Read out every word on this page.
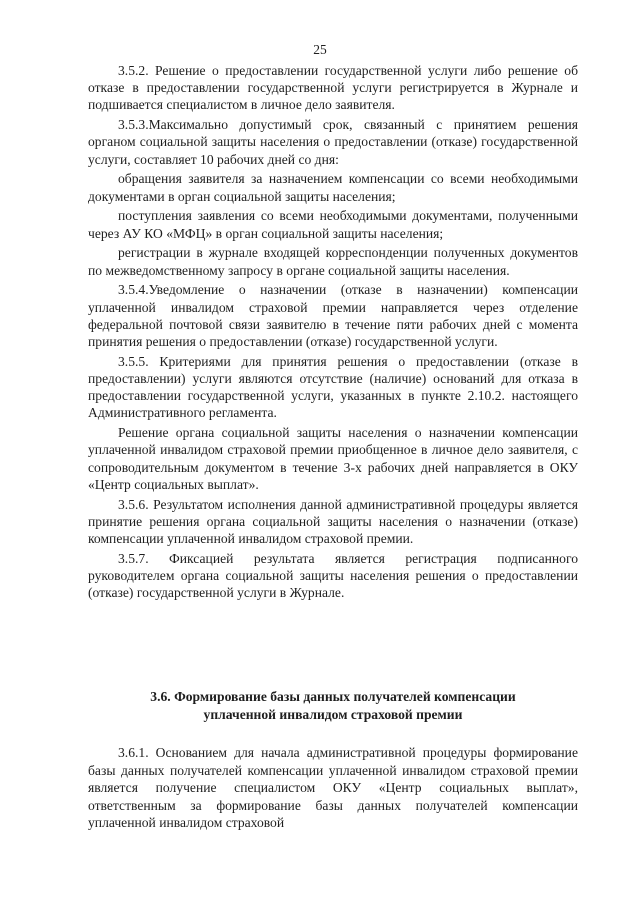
25

3.5.2. Решение о предоставлении государственной услуги либо решение об отказе в предоставлении государственной услуги регистрируется в Журнале и подшивается специалистом в личное дело заявителя.

3.5.3.Максимально допустимый срок, связанный с принятием решения органом социальной защиты населения о предоставлении (отказе) государственной услуги, составляет 10 рабочих дней со дня:

обращения заявителя за назначением компенсации со всеми необходимыми документами в орган социальной защиты населения;

поступления заявления со всеми необходимыми документами, полученными через АУ КО «МФЦ» в орган социальной защиты населения;

регистрации в журнале входящей корреспонденции полученных документов по межведомственному запросу в органе социальной защиты населения.

3.5.4.Уведомление о назначении (отказе в назначении) компенсации уплаченной инвалидом страховой премии направляется через отделение федеральной почтовой связи заявителю в течение пяти рабочих дней с момента принятия решения о предоставлении (отказе) государственной услуги.

3.5.5. Критериями для принятия решения о предоставлении (отказе в предоставлении) услуги являются отсутствие (наличие) оснований для отказа в предоставлении государственной услуги, указанных в пункте 2.10.2. настоящего Административного регламента.

Решение органа социальной защиты населения о назначении компенсации уплаченной инвалидом страховой премии приобщенное в личное дело заявителя, с сопроводительным документом в течение 3-х рабочих дней направляется в ОКУ «Центр социальных выплат».

3.5.6. Результатом исполнения данной административной процедуры является принятие решения органа социальной защиты населения о назначении (отказе) компенсации уплаченной инвалидом страховой премии.

3.5.7. Фиксацией результата является регистрация подписанного руководителем органа социальной защиты населения решения о предоставлении (отказе) государственной услуги в Журнале.

3.6. Формирование базы данных получателей компенсации
уплаченной инвалидом страховой премии

3.6.1. Основанием для начала административной процедуры формирование базы данных получателей компенсации уплаченной инвалидом страховой премии является получение специалистом ОКУ «Центр социальных выплат», ответственным за формирование базы данных получателей компенсации уплаченной инвалидом страховой
